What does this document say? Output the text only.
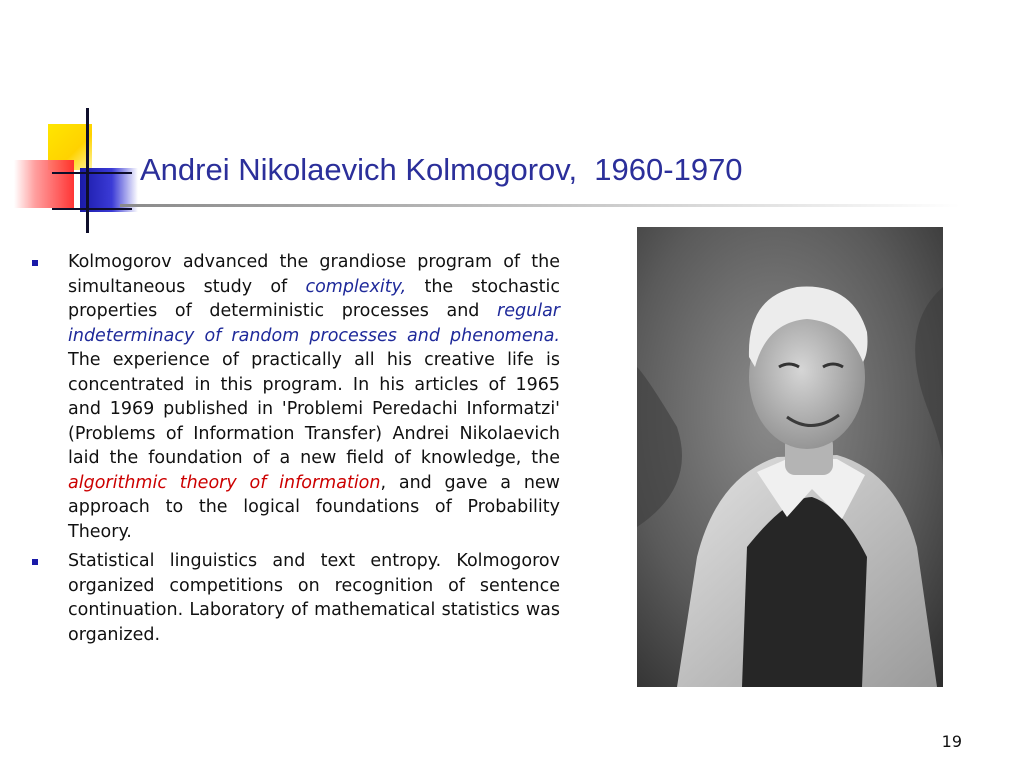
Andrei Nikolaevich Kolmogorov,  1960-1970
Kolmogorov advanced the grandiose program of the simultaneous study of complexity, the stochastic properties of deterministic processes and regular indeterminacy of random processes and phenomena. The experience of practically all his creative life is concentrated in this program. In his articles of 1965 and 1969 published in 'Problemi Peredachi Informatzi' (Problems of Information Transfer) Andrei Nikolaevich laid the foundation of a new field of knowledge, the algorithmic theory of information, and gave a new approach to the logical foundations of Probability Theory.
Statistical linguistics and text entropy. Kolmogorov organized competitions on recognition of sentence continuation. Laboratory of mathematical statistics was organized.
19
